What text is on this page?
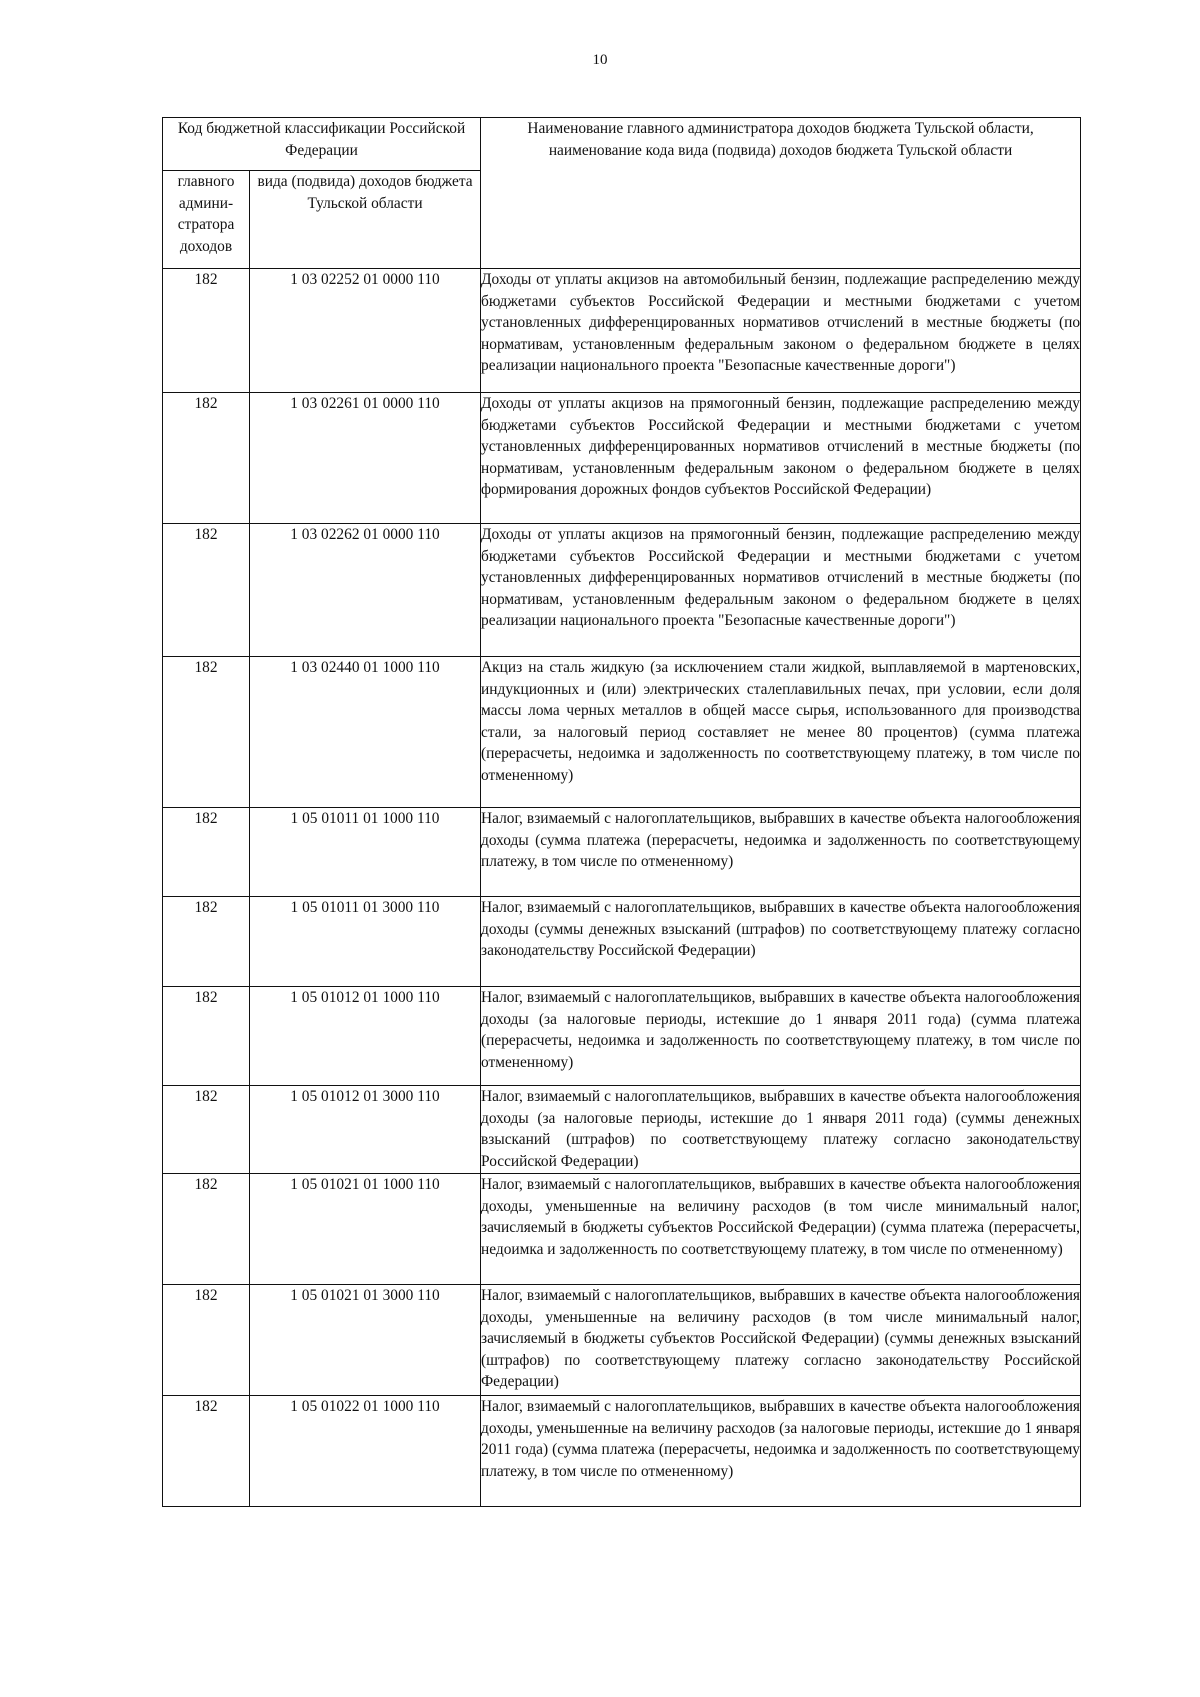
10
Код бюджетной классификации Российской Федерации		Наименование главного администратора доходов бюджета Тульской области, наименование кода вида (подвида) доходов бюджета Тульской области
главного админи-стратора доходов	вида (подвида) доходов бюджета Тульской области	
182	1 03 02252 01 0000 110	Доходы от уплаты акцизов на автомобильный бензин, подлежащие распределению между бюджетами субъектов Российской Федерации и местными бюджетами с учетом установленных дифференцированных нормативов отчислений в местные бюджеты (по нормативам, установленным федеральным законом о федеральном бюджете в целях реализации национального проекта "Безопасные качественные дороги")
182	1 03 02261 01 0000 110	Доходы от уплаты акцизов на прямогонный бензин, подлежащие распределению между бюджетами субъектов Российской Федерации и местными бюджетами с учетом установленных дифференцированных нормативов отчислений в местные бюджеты (по нормативам, установленным федеральным законом о федеральном бюджете в целях формирования дорожных фондов субъектов Российской Федерации)
182	1 03 02262 01 0000 110	Доходы от уплаты акцизов на прямогонный бензин, подлежащие распределению между бюджетами субъектов Российской Федерации и местными бюджетами с учетом установленных дифференцированных нормативов отчислений в местные бюджеты (по нормативам, установленным федеральным законом о федеральном бюджете в целях реализации национального проекта "Безопасные качественные дороги")
182	1 03 02440 01 1000 110	Акциз на сталь жидкую (за исключением стали жидкой, выплавляемой в мартеновских, индукционных и (или) электрических сталеплавильных печах, при условии, если доля массы лома черных металлов в общей массе сырья, использованного для производства стали, за налоговый период составляет не менее 80 процентов) (сумма платежа (перерасчеты, недоимка и задолженность по соответствующему платежу, в том числе по отмененному)
182	1 05 01011 01 1000 110	Налог, взимаемый с налогоплательщиков, выбравших в качестве объекта налогообложения доходы (сумма платежа (перерасчеты, недоимка и задолженность по соответствующему платежу, в том числе по отмененному)
182	1 05 01011 01 3000 110	Налог, взимаемый с налогоплательщиков, выбравших в качестве объекта налогообложения доходы (суммы денежных взысканий (штрафов) по соответствующему платежу согласно законодательству Российской Федерации)
182	1 05 01012 01 1000 110	Налог, взимаемый с налогоплательщиков, выбравших в качестве объекта налогообложения доходы (за налоговые периоды, истекшие до 1 января 2011 года) (сумма платежа (перерасчеты, недоимка и задолженность по соответствующему платежу, в том числе по отмененному)
182	1 05 01012 01 3000 110	Налог, взимаемый с налогоплательщиков, выбравших в качестве объекта налогообложения доходы (за налоговые периоды, истекшие до 1 января 2011 года) (суммы денежных взысканий (штрафов) по соответствующему платежу согласно законодательству Российской Федерации)
182	1 05 01021 01 1000 110	Налог, взимаемый с налогоплательщиков, выбравших в качестве объекта налогообложения доходы, уменьшенные на величину расходов (в том числе минимальный налог, зачисляемый в бюджеты субъектов Российской Федерации) (сумма платежа (перерасчеты, недоимка и задолженность по соответствующему платежу, в том числе по отмененному)
182	1 05 01021 01 3000 110	Налог, взимаемый с налогоплательщиков, выбравших в качестве объекта налогообложения доходы, уменьшенные на величину расходов (в том числе минимальный налог, зачисляемый в бюджеты субъектов Российской Федерации) (суммы денежных взысканий (штрафов) по соответствующему платежу согласно законодательству Российской Федерации)
182	1 05 01022 01 1000 110	Налог, взимаемый с налогоплательщиков, выбравших в качестве объекта налогообложения доходы, уменьшенные на величину расходов (за налоговые периоды, истекшие до 1 января 2011 года) (сумма платежа (перерасчеты, недоимка и задолженность по соответствующему платежу, в том числе по отмененному)
